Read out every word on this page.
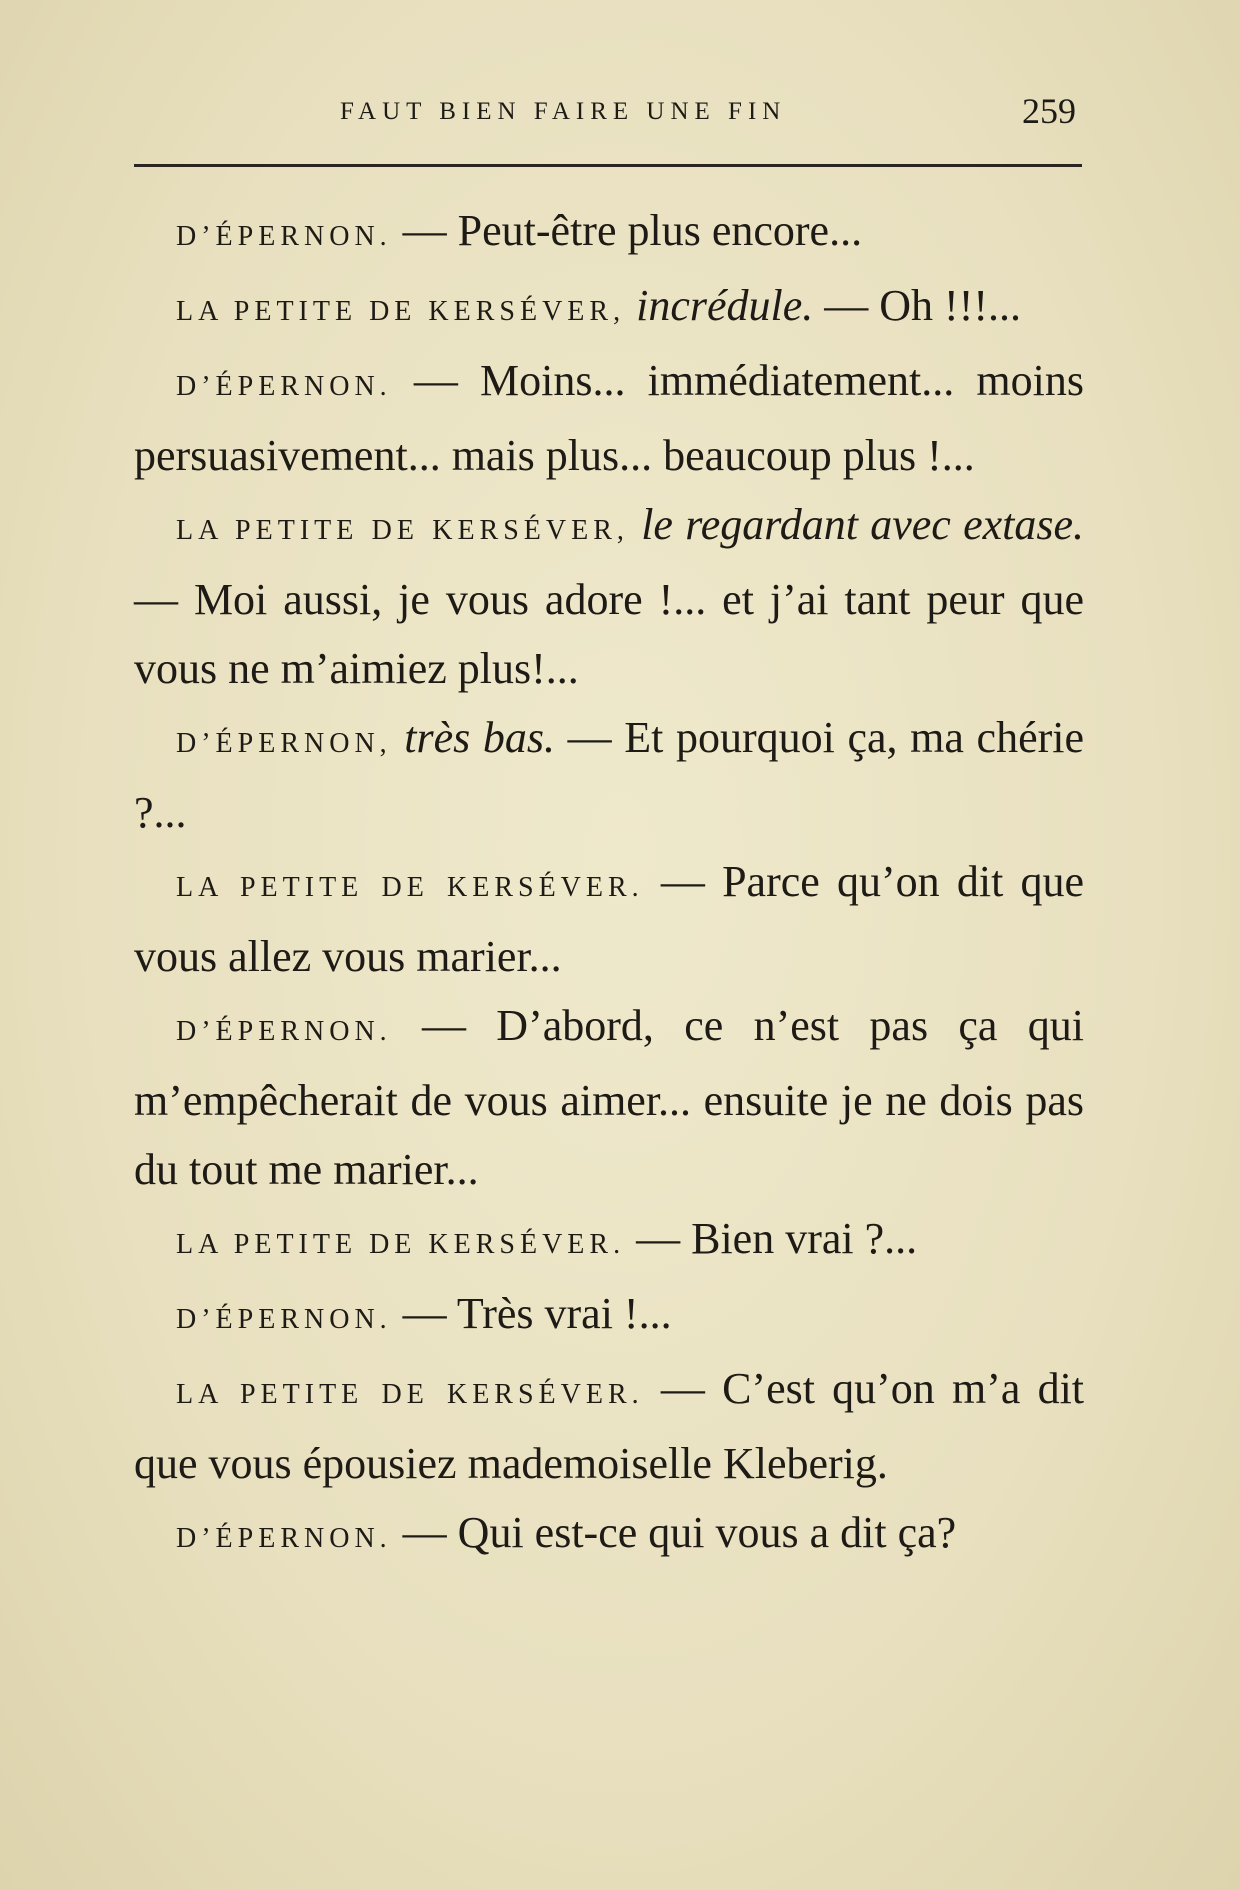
FAUT BIEN FAIRE UNE FIN	259

D’ÉPERNON. — Peut-être plus encore...

LA PETITE DE KERSÉVER, incrédule. — Oh !!!...

D’ÉPERNON. — Moins... immédiatement... moins persuasivement... mais plus... beaucoup plus !...

LA PETITE DE KERSÉVER, le regardant avec extase. — Moi aussi, je vous adore !... et j’ai tant peur que vous ne m’aimiez plus!...

D’ÉPERNON, très bas. — Et pourquoi ça, ma chérie ?...

LA PETITE DE KERSÉVER. — Parce qu’on dit que vous allez vous marier...

D’ÉPERNON. — D’abord, ce n’est pas ça qui m’empêcherait de vous aimer... ensuite je ne dois pas du tout me marier...

LA PETITE DE KERSÉVER. — Bien vrai ?...

D’ÉPERNON. — Très vrai !...

LA PETITE DE KERSÉVER. — C’est qu’on m’a dit que vous épousiez mademoiselle Kleberig.

D’ÉPERNON. — Qui est-ce qui vous a dit ça?
